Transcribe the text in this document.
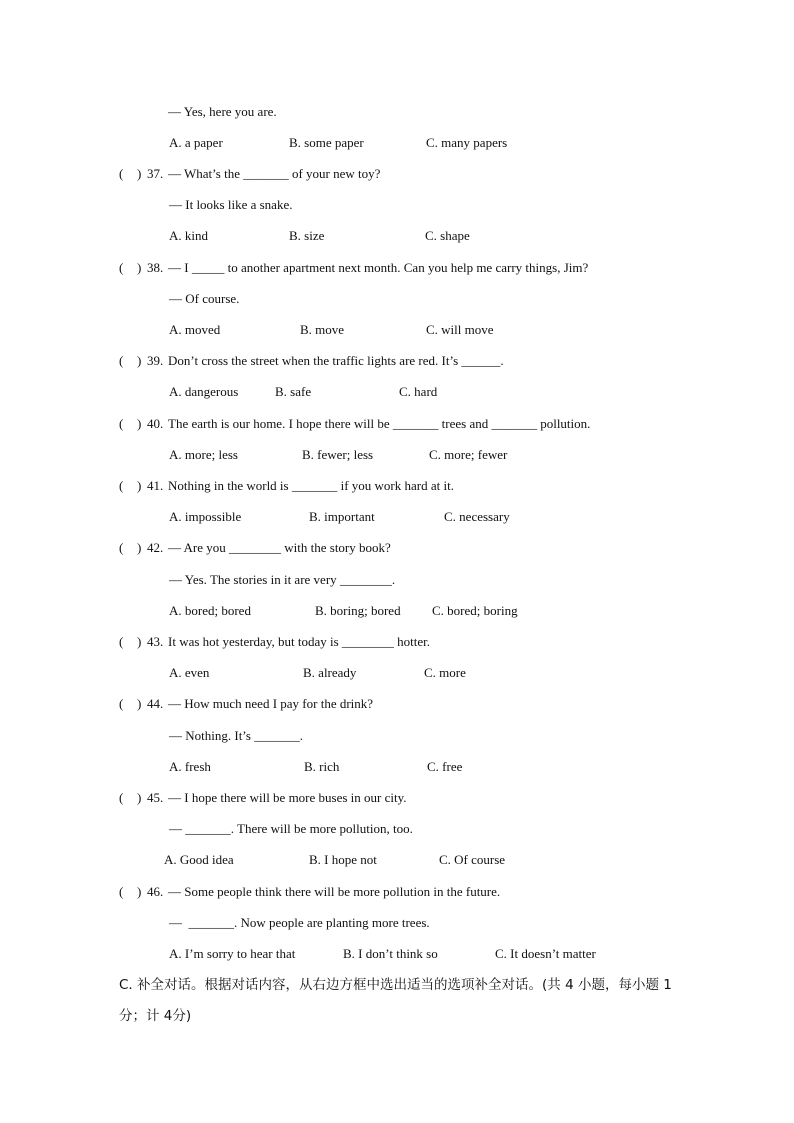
— Yes, here you are.
A. a paper	B. some paper	C. many papers
( ) 37. — What’s the _______ of your new toy?
— It looks like a snake.
A. kind	B. size	C. shape
( ) 38. — I _____ to another apartment next month. Can you help me carry things, Jim?
— Of course.
A. moved	B. move	C. will move
( ) 39. Don’t cross the street when the traffic lights are red. It’s ______.
A. dangerous	B. safe	C. hard
( ) 40. The earth is our home. I hope there will be _______ trees and _______ pollution.
A. more; less	B. fewer; less	C. more; fewer
( ) 41. Nothing in the world is _______ if you work hard at it.
A. impossible	B. important	C. necessary
( ) 42. — Are you ________ with the story book?
— Yes. The stories in it are very ________.
A. bored; bored	B. boring; bored C. bored; boring
( ) 43. It was hot yesterday, but today is ________ hotter.
A. even	B. already	C. more
( ) 44. — How much need I pay for the drink?
— Nothing. It’s _______.
A. fresh	B. rich	C. free
( ) 45. — I hope there will be more buses in our city.
— _______. There will be more pollution, too.
A. Good idea	B. I hope not	C. Of course
( ) 46. — Some people think there will be more pollution in the future.
—  _______. Now people are planting more trees.
A. I’m sorry to hear that	B. I don’t think so	C. It doesn’t matter
C. 补全对话。根据对话内容，从右边方框中选出适当的选项补全对话。(共 4 小题，每小题 1分；计 4分)
